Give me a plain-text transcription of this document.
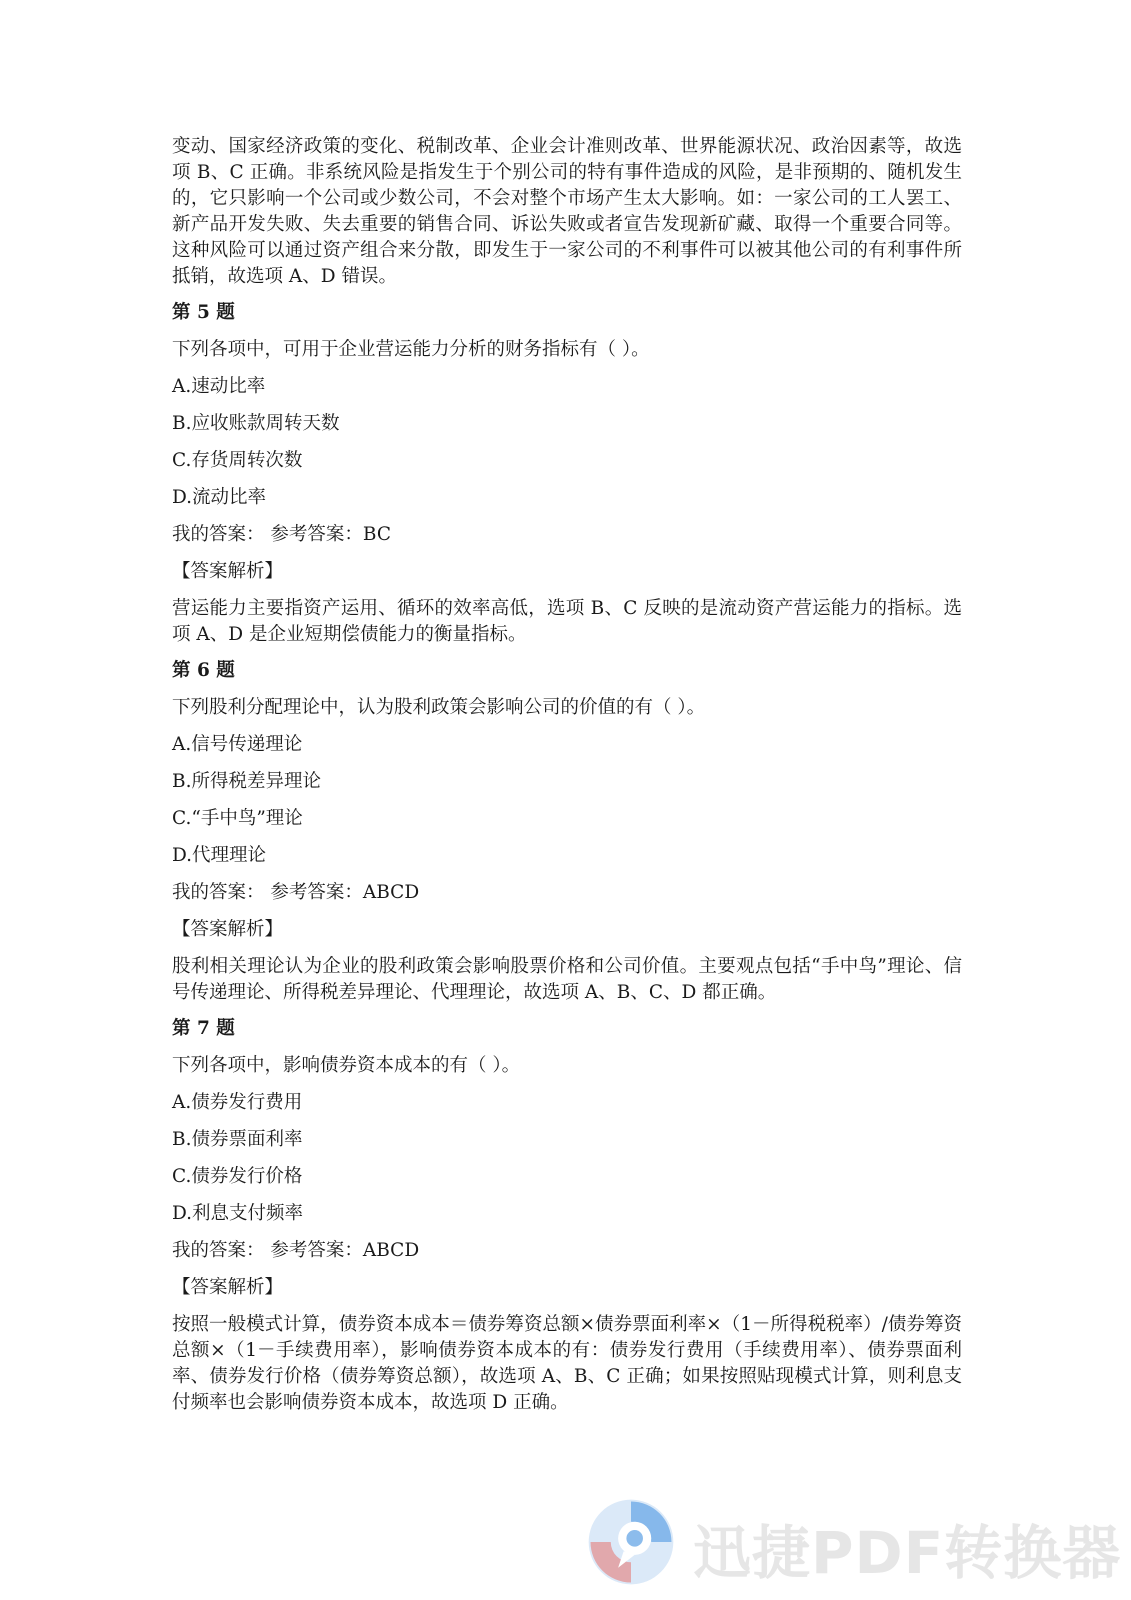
变动、国家经济政策的变化、税制改革、企业会计准则改革、世界能源状况、政治因素等，故选项 B、C 正确。非系统风险是指发生于个别公司的特有事件造成的风险，是非预期的、随机发生的，它只影响一个公司或少数公司，不会对整个市场产生太大影响。如：一家公司的工人罢工、新产品开发失败、失去重要的销售合同、诉讼失败或者宣告发现新矿藏、取得一个重要合同等。这种风险可以通过资产组合来分散，即发生于一家公司的不利事件可以被其他公司的有利事件所抵销，故选项 A、D 错误。

第 5 题

下列各项中，可用于企业营运能力分析的财务指标有（ ）。

A.速动比率

B.应收账款周转天数

C.存货周转次数

D.流动比率

我的答案： 参考答案：BC

【答案解析】

营运能力主要指资产运用、循环的效率高低，选项 B、C 反映的是流动资产营运能力的指标。选项 A、D 是企业短期偿债能力的衡量指标。

第 6 题

下列股利分配理论中，认为股利政策会影响公司的价值的有（ ）。

A.信号传递理论

B.所得税差异理论

C.“手中鸟”理论

D.代理理论

我的答案： 参考答案：ABCD

【答案解析】

股利相关理论认为企业的股利政策会影响股票价格和公司价值。主要观点包括“手中鸟”理论、信号传递理论、所得税差异理论、代理理论，故选项 A、B、C、D 都正确。

第 7 题

下列各项中，影响债券资本成本的有（ ）。

A.债券发行费用

B.债券票面利率

C.债券发行价格

D.利息支付频率

我的答案： 参考答案：ABCD

【答案解析】

按照一般模式计算，债券资本成本＝债券筹资总额×债券票面利率×（1－所得税税率）/债券筹资总额×（1－手续费用率），影响债券资本成本的有：债券发行费用（手续费用率）、债券票面利率、债券发行价格（债券筹资总额），故选项 A、B、C 正确；如果按照贴现模式计算，则利息支付频率也会影响债券资本成本，故选项 D 正确。

迅捷PDF转换器
